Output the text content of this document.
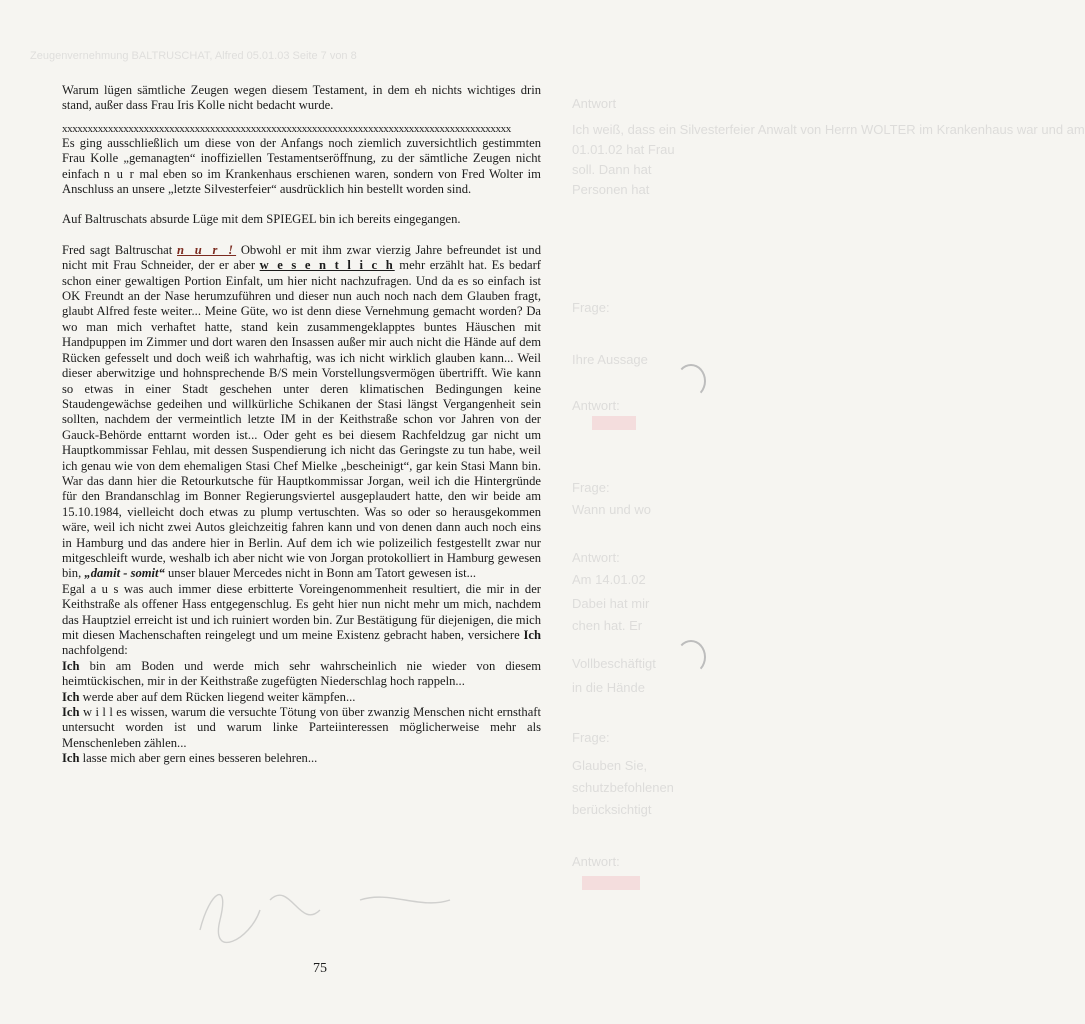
Zeugenvernehmung BALTRUSCHAT, Alfred 05.01.03 Seite 7 von 8
Antwort
Ich weiß, dass ein Silvesterfeier Anwalt von Herrn WOLTER im Krankenhaus war und am
01.01.02 hat Frau
soll. Dann hat
Personen hat
Frage:
Ihre Aussage
Antwort:
Frage:
Wann und wo
Antwort:
Am 14.01.02
Dabei hat mir
chen hat. Er
Vollbeschäftigt
in die Hände
Frage:
Glauben Sie,
schutzbefohlenen
berücksichtigt
Antwort:

Warum lügen sämtliche Zeugen wegen diesem Testament, in dem eh nichts wichtiges drin stand, außer dass Frau Iris Kolle nicht bedacht wurde.

xxxxxxxxxxxxxxxxxxxxxxxxxxxxxxxxxxxxxxxxxxxxxxxxxxxxxxxxxxxxxxxxxxxxxxxxxxxxxxxxxxxxxxxx

Es ging ausschließlich um diese von der Anfangs noch ziemlich zuversichtlich gestimmten Frau Kolle „gemanagten“ inoffiziellen Testamentseröffnung, zu der sämtliche Zeugen nicht einfach n u r mal eben so im Krankenhaus erschienen waren, sondern von Fred Wolter im Anschluss an unsere „letzte Silvesterfeier“ ausdrücklich hin bestellt worden sind.

Auf Baltruschats absurde Lüge mit dem SPIEGEL bin ich bereits eingegangen.

Fred sagt Baltruschat n u r ! Obwohl er mit ihm zwar vierzig Jahre befreundet ist und nicht mit Frau Schneider, der er aber w e s e n t l i c h mehr erzählt hat. Es bedarf schon einer gewaltigen Portion Einfalt, um hier nicht nachzufragen. Und da es so einfach ist OK Freundt an der Nase herumzuführen und dieser nun auch noch nach dem Glauben fragt, glaubt Alfred feste weiter... Meine Güte, wo ist denn diese Vernehmung gemacht worden? Da wo man mich verhaftet hatte, stand kein zusammengeklapptes buntes Häuschen mit Handpuppen im Zimmer und dort waren den Insassen außer mir auch nicht die Hände auf dem Rücken gefesselt und doch weiß ich wahrhaftig, was ich nicht wirklich glauben kann... Weil dieser aberwitzige und hohnsprechende B/S mein Vorstellungsvermögen übertrifft. Wie kann so etwas in einer Stadt geschehen unter deren klimatischen Bedingungen keine Staudengewächse gedeihen und willkürliche Schikanen der Stasi längst Vergangenheit sein sollten, nachdem der vermeintlich letzte IM in der Keithstraße schon vor Jahren von der Gauck-Behörde enttarnt worden ist... Oder geht es bei diesem Rachfeldzug gar nicht um Hauptkommissar Fehlau, mit dessen Suspendierung ich nicht das Geringste zu tun habe, weil ich genau wie von dem ehemaligen Stasi Chef Mielke „bescheinigt“, gar kein Stasi Mann bin. War das dann hier die Retourkutsche für Hauptkommissar Jorgan, weil ich die Hintergründe für den Brandanschlag im Bonner Regierungsviertel ausgeplaudert hatte, den wir beide am 15.10.1984, vielleicht doch etwas zu plump vertuschten. Was so oder so herausgekommen wäre, weil ich nicht zwei Autos gleichzeitig fahren kann und von denen dann auch noch eins in Hamburg und das andere hier in Berlin. Auf dem ich wie polizeilich festgestellt zwar nur mitgeschleift wurde, weshalb ich aber nicht wie von Jorgan protokolliert in Hamburg gewesen bin, „damit - somit“ unser blauer Mercedes nicht in Bonn am Tatort gewesen ist...

Egal a u s was auch immer diese erbitterte Voreingenommenheit resultiert, die mir in der Keithstraße als offener Hass entgegenschlug. Es geht hier nun nicht mehr um mich, nachdem das Hauptziel erreicht ist und ich ruiniert worden bin. Zur Bestätigung für diejenigen, die mich mit diesen Machenschaften reingelegt und um meine Existenz gebracht haben, versichere Ich nachfolgend:

Ich bin am Boden und werde mich sehr wahrscheinlich nie wieder von diesem heimtückischen, mir in der Keithstraße zugefügten Niederschlag hoch rappeln...

Ich werde aber auf dem Rücken liegend weiter kämpfen...

Ich w i l l es wissen, warum die versuchte Tötung von über zwanzig Menschen nicht ernsthaft untersucht worden ist und warum linke Parteiinteressen möglicherweise mehr als Menschenleben zählen...

Ich lasse mich aber gern eines besseren belehren...

75
